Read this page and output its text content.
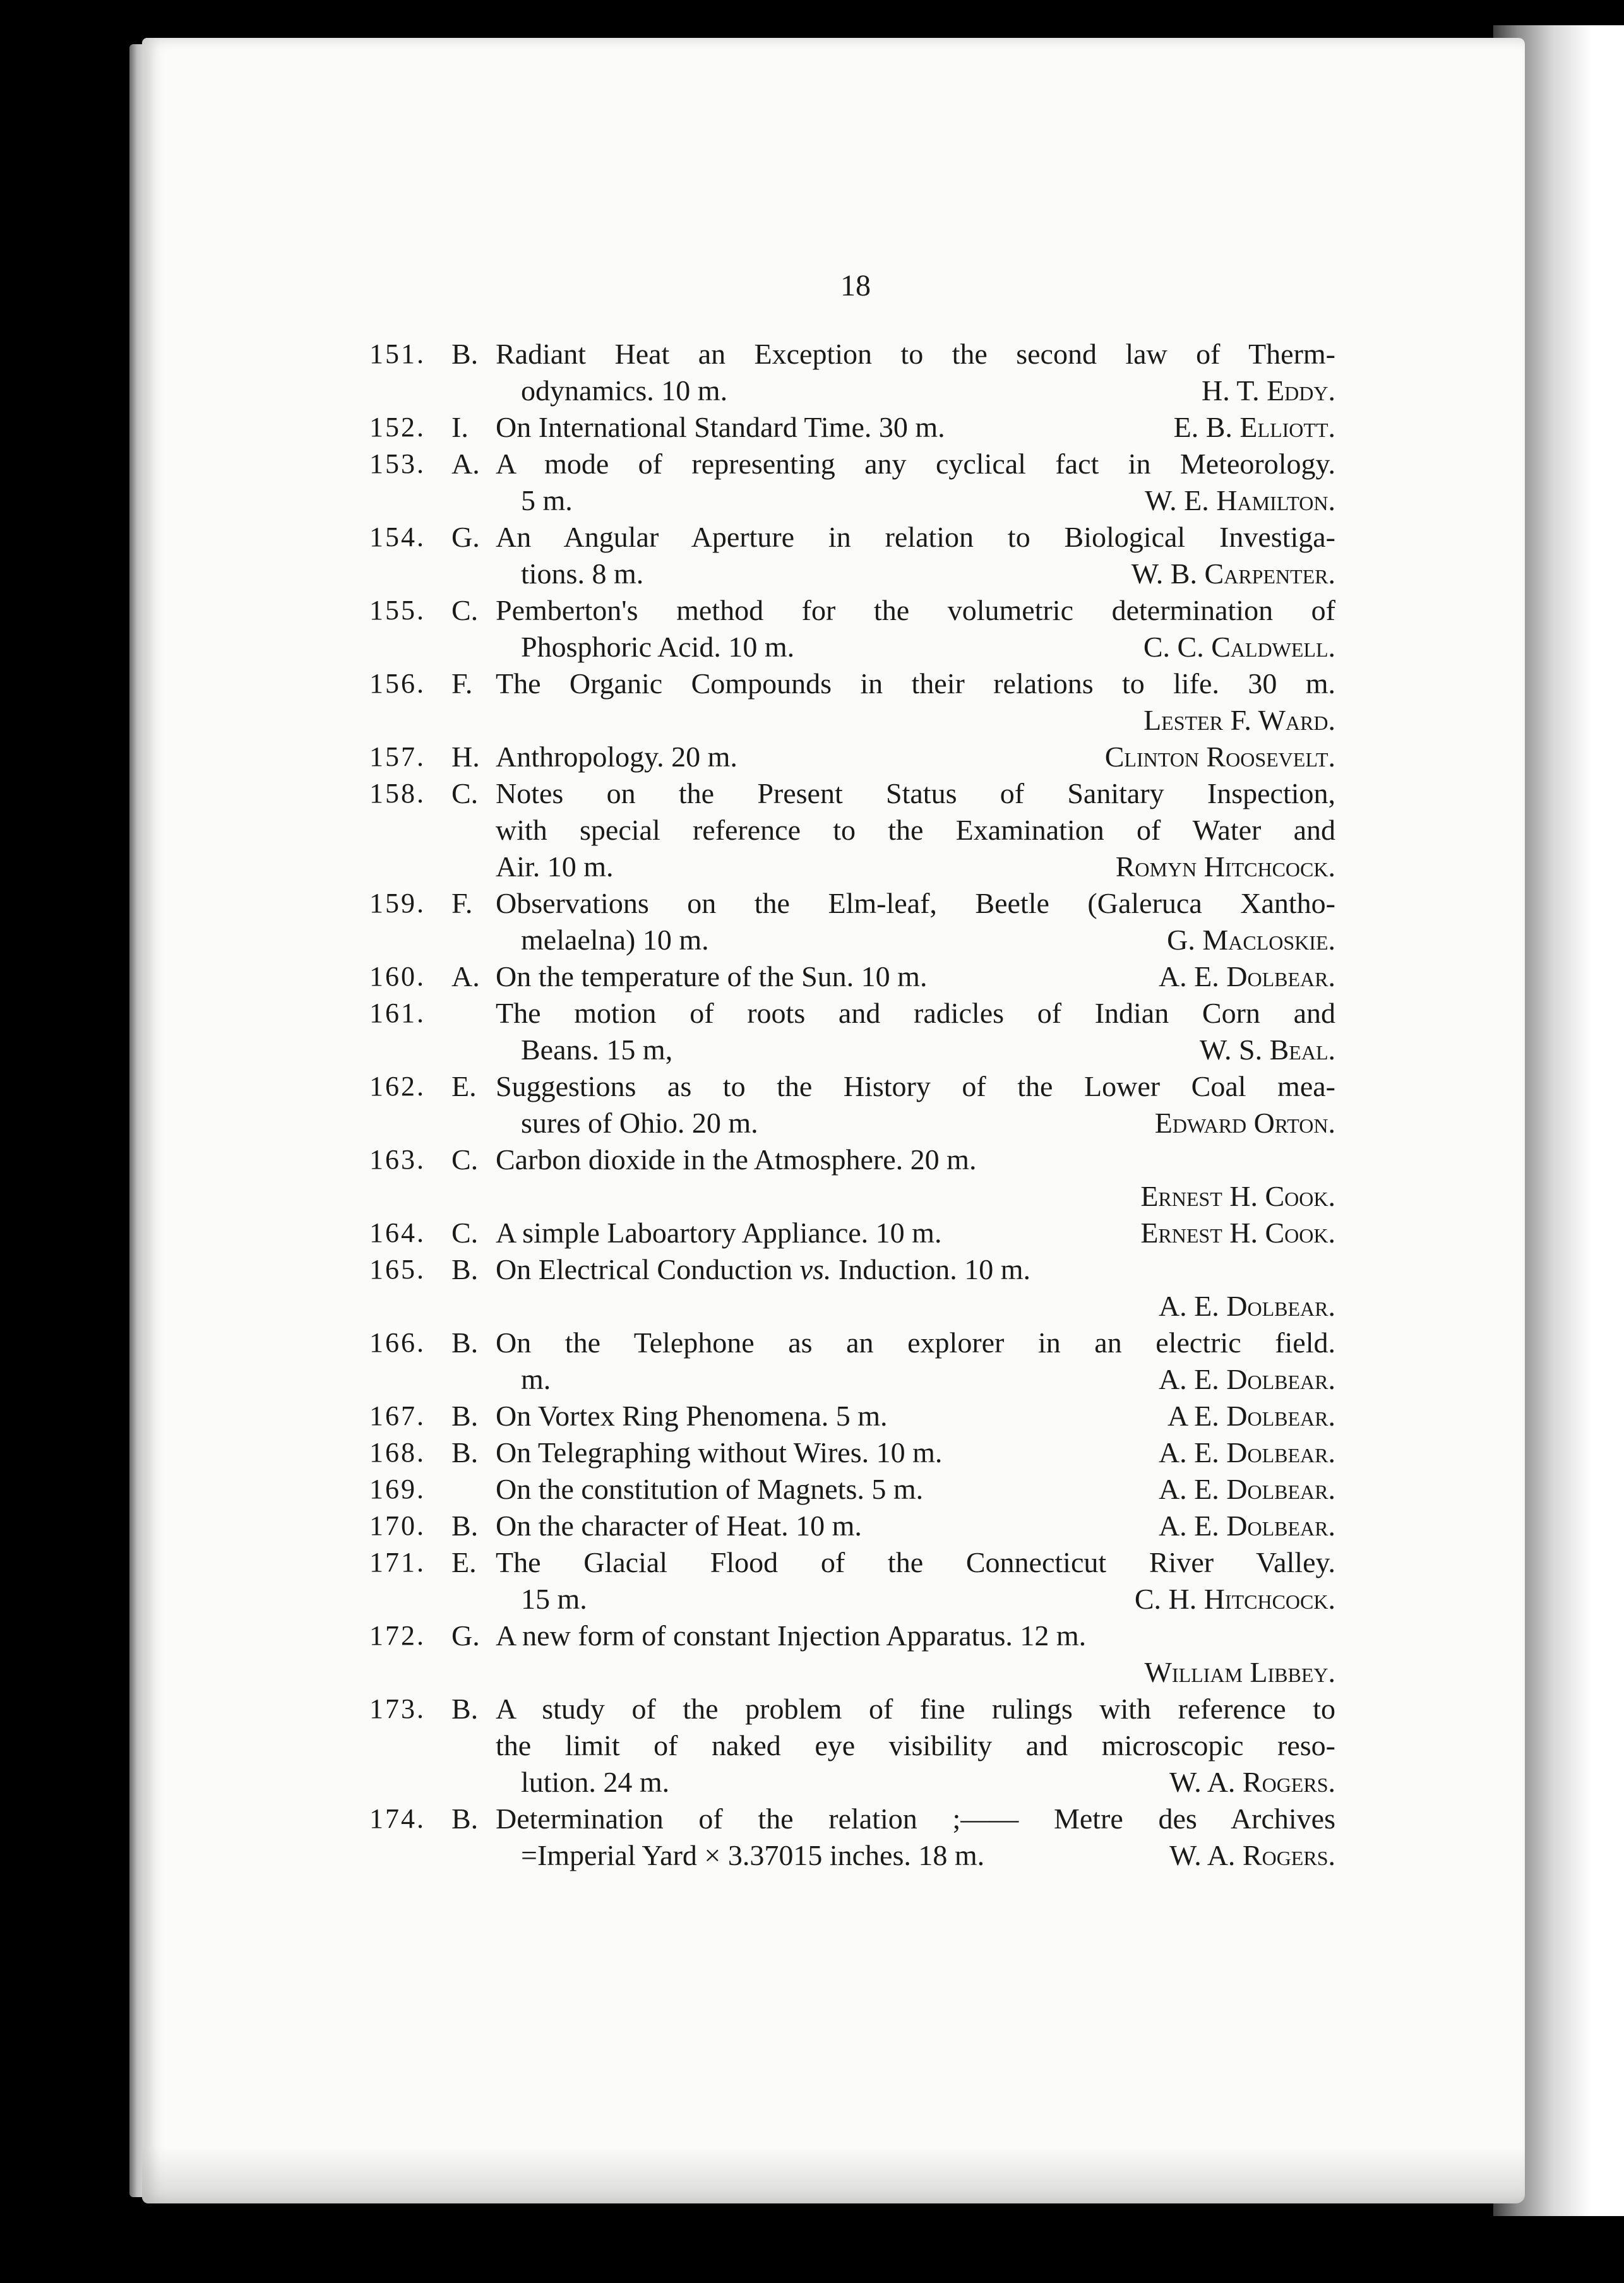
18
151. B. Radiant Heat an Exception to the second law of Therm-
odynamics. 10 m.	H. T. Eddy.
152. I. On International Standard Time. 30 m.	E. B. Elliott.
153. A. A mode of representing any cyclical fact in Meteorology.
5 m.	W. E. Hamilton.
154. G. An Angular Aperture in relation to Biological Investiga-
tions. 8 m.	W. B. Carpenter.
155. C. Pemberton's method for the volumetric determination of
Phosphoric Acid. 10 m.	C. C. Caldwell.
156. F. The Organic Compounds in their relations to life. 30 m.
Lester F. Ward.
157. H. Anthropology. 20 m.	Clinton Roosevelt.
158. C. Notes on the Present Status of Sanitary Inspection,
with special reference to the Examination of Water and
Air. 10 m.	Romyn Hitchcock.
159. F. Observations on the Elm-leaf, Beetle (Galeruca Xantho-
melaelna) 10 m.	G. Macloskie.
160. A. On the temperature of the Sun. 10 m.	A. E. Dolbear.
161. The motion of roots and radicles of Indian Corn and
Beans. 15 m,	W. S. Beal.
162. E. Suggestions as to the History of the Lower Coal mea-
sures of Ohio. 20 m.	Edward Orton.
163. C. Carbon dioxide in the Atmosphere. 20 m.
Ernest H. Cook.
164. C. A simple Laboartory Appliance. 10 m.	Ernest H. Cook.
165. B. On Electrical Conduction vs. Induction. 10 m.
A. E. Dolbear.
166. B. On the Telephone as an explorer in an electric field.
m.	A. E. Dolbear.
167. B. On Vortex Ring Phenomena. 5 m.	A E. Dolbear.
168. B. On Telegraphing without Wires. 10 m.	A. E. Dolbear.
169. On the constitution of Magnets. 5 m.	A. E. Dolbear.
170. B. On the character of Heat. 10 m.	A. E. Dolbear.
171. E. The Glacial Flood of the Connecticut River Valley.
15 m.	C. H. Hitchcock.
172. G. A new form of constant Injection Apparatus. 12 m.
William Libbey.
173. B. A study of the problem of fine rulings with reference to
the limit of naked eye visibility and microscopic reso-
lution. 24 m.	W. A. Rogers.
174. B. Determination of the relation ;—— Metre des Archives
=Imperial Yard × 3.37015 inches. 18 m.	W. A. Rogers.
